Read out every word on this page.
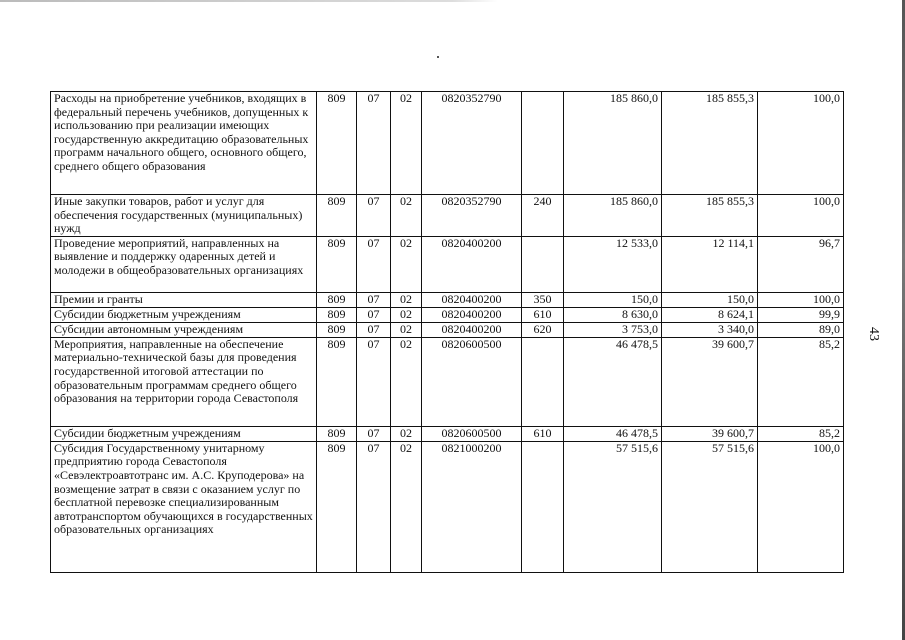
43
Расходы на приобретение учебников, входящих в федеральный перечень учебников, допущенных к использованию при реализации имеющих государственную аккредитацию образовательных программ начального общего, основного общего, среднего общего образования	809	07	02	0820352790		185 860,0	185 855,3	100,0
Иные закупки товаров, работ и услуг для обеспечения государственных (муниципальных) нужд	809	07	02	0820352790	240	185 860,0	185 855,3	100,0
Проведение мероприятий, направленных на выявление и поддержку одаренных детей и молодежи в общеобразовательных организациях	809	07	02	0820400200		12 533,0	12 114,1	96,7
Премии и гранты	809	07	02	0820400200	350	150,0	150,0	100,0
Субсидии бюджетным учреждениям	809	07	02	0820400200	610	8 630,0	8 624,1	99,9
Субсидии автономным учреждениям	809	07	02	0820400200	620	3 753,0	3 340,0	89,0
Мероприятия, направленные на обеспечение материально-технической базы для проведения государственной итоговой аттестации по образовательным программам среднего общего образования на территории города Севастополя	809	07	02	0820600500		46 478,5	39 600,7	85,2
Субсидии бюджетным учреждениям	809	07	02	0820600500	610	46 478,5	39 600,7	85,2
Субсидия Государственному унитарному предприятию города Севастополя «Севэлектроавтотранс им. А.С. Круподерова» на возмещение затрат в связи с оказанием услуг по бесплатной перевозке специализированным автотранспортом обучающихся в государственных образовательных организациях	809	07	02	0821000200		57 515,6	57 515,6	100,0
